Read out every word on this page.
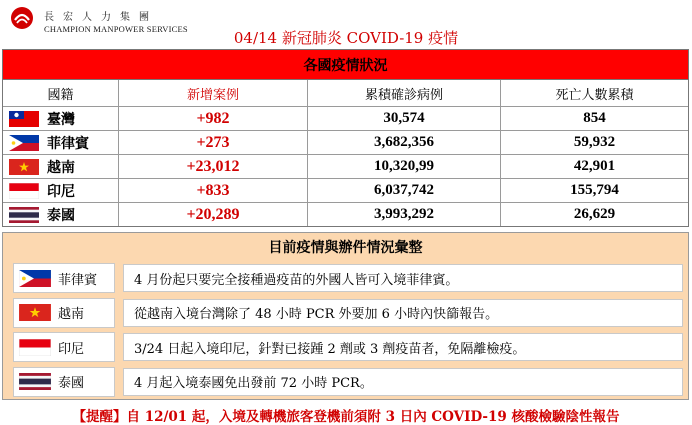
長宏人力集團
CHAMPION MANPOWER SERVICES	04/14 新冠肺炎 COVID-19 疫情
各國疫情狀況
國籍	新增案例	累積確診病例	死亡人數累積
臺灣	+982	30,574	854
菲律賓	+273	3,682,356	59,932
越南	+23,012	10,320,99	42,901
印尼	+833	6,037,742	155,794
泰國	+20,289	3,993,292	26,629
目前疫情與辦件情況彙整
菲律賓	4 月份起只要完全接種過疫苗的外國人皆可入境菲律賓。
越南	從越南入境台灣除了 48 小時 PCR 外要加 6 小時內快篩報告。
印尼	3/24 日起入境印尼，針對已接踵 2 劑或 3 劑疫苗者，免隔離檢疫。
泰國	4 月起入境泰國免出發前 72 小時 PCR。
【提醒】自 12/01 起，入境及轉機旅客登機前須附 3 日內 COVID-19 核酸檢驗陰性報告
